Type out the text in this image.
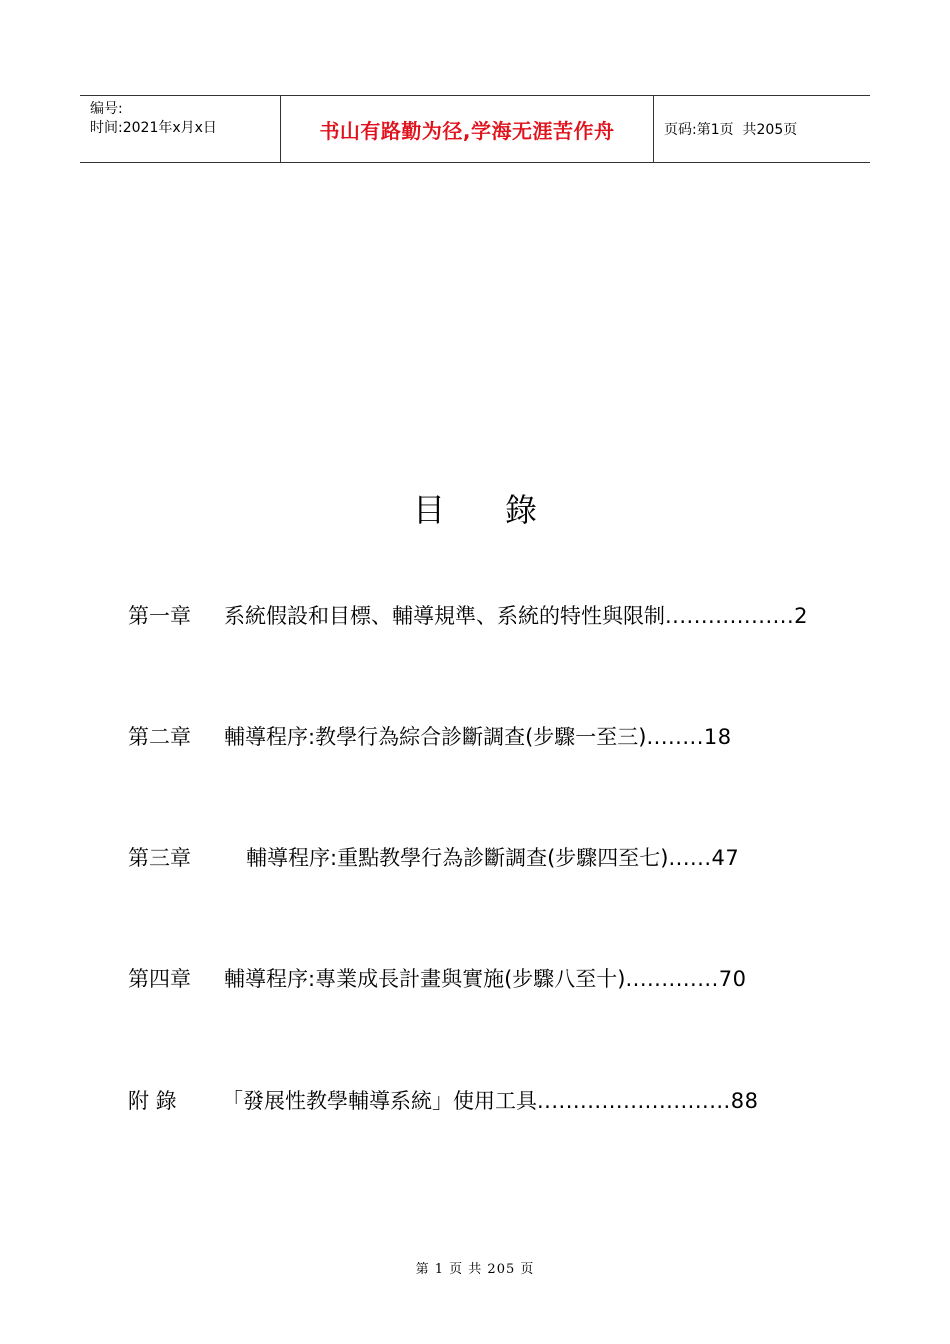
编号:
时间:2021年x月x日	书山有路勤为径,学海无涯苦作舟	页码:第1页  共205页
目 錄
第一章 系統假設和目標、輔導規準、系統的特性與限制..................2
第二章 輔導程序:教學行為綜合診斷調查(步驟一至三)........18
第三章	輔導程序:重點教學行為診斷調查(步驟四至七)......47
第四章 輔導程序:專業成長計畫與實施(步驟八至十).............70
附 錄 「發展性教學輔導系統」使用工具...........................88
第 1 页 共 205 页
